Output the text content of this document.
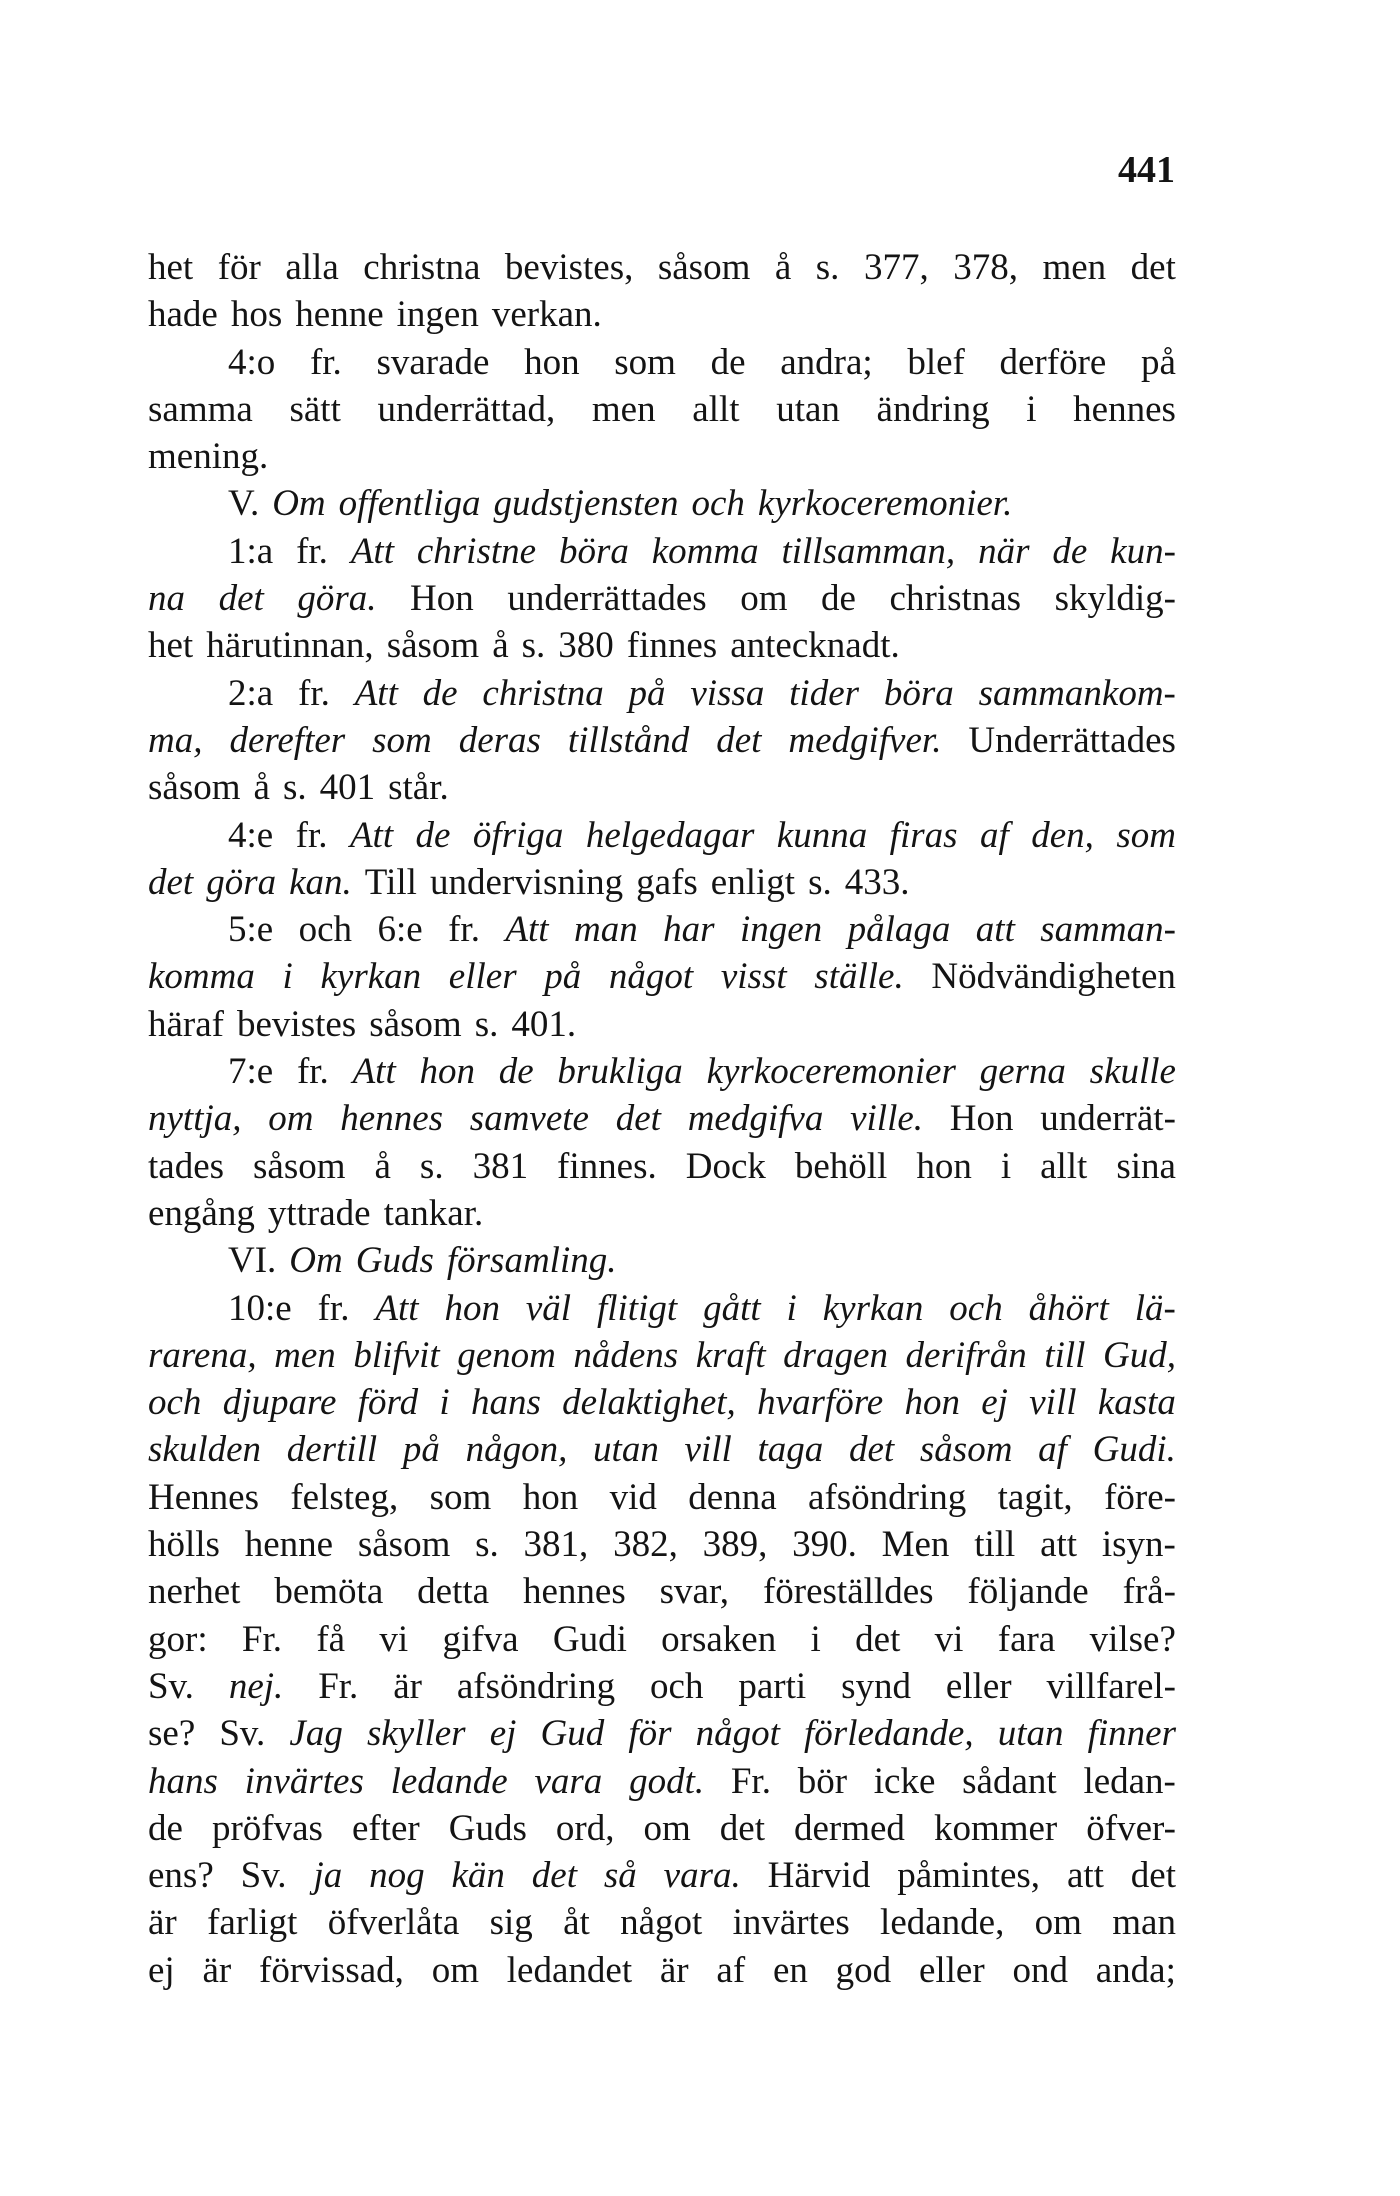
441
het för alla christna bevistes, såsom å s. 377, 378, men det
hade hos henne ingen verkan.
4:o fr. svarade hon som de andra; blef derföre på
samma sätt underrättad, men allt utan ändring i hennes
mening.
V. Om offentliga gudstjensten och kyrkoceremonier.
1:a fr. Att christne böra komma tillsamman, när de kun-
na det göra. Hon underrättades om de christnas skyldig-
het härutinnan, såsom å s. 380 finnes antecknadt.
2:a fr. Att de christna på vissa tider böra sammankom-
ma, derefter som deras tillstånd det medgifver. Underrättades
såsom å s. 401 står.
4:e fr. Att de öfriga helgedagar kunna firas af den, som
det göra kan. Till undervisning gafs enligt s. 433.
5:e och 6:e fr. Att man har ingen pålaga att samman-
komma i kyrkan eller på något visst ställe. Nödvändigheten
häraf bevistes såsom s. 401.
7:e fr. Att hon de brukliga kyrkoceremonier gerna skulle
nyttja, om hennes samvete det medgifva ville. Hon underrät-
tades såsom å s. 381 finnes. Dock behöll hon i allt sina
engång yttrade tankar.
VI. Om Guds församling.
10:e fr. Att hon väl flitigt gått i kyrkan och åhört lä-
rarena, men blifvit genom nådens kraft dragen derifrån till Gud,
och djupare förd i hans delaktighet, hvarföre hon ej vill kasta
skulden dertill på någon, utan vill taga det såsom af Gudi.
Hennes felsteg, som hon vid denna afsöndring tagit, före-
hölls henne såsom s. 381, 382, 389, 390. Men till att isyn-
nerhet bemöta detta hennes svar, föreställdes följande frå-
gor: Fr. få vi gifva Gudi orsaken i det vi fara vilse?
Sv. nej. Fr. är afsöndring och parti synd eller villfarel-
se? Sv. Jag skyller ej Gud för något förledande, utan finner
hans invärtes ledande vara godt. Fr. bör icke sådant ledan-
de pröfvas efter Guds ord, om det dermed kommer öfver-
ens? Sv. ja nog kän det så vara. Härvid påmintes, att det
är farligt öfverlåta sig åt något invärtes ledande, om man
ej är förvissad, om ledandet är af en god eller ond anda;
